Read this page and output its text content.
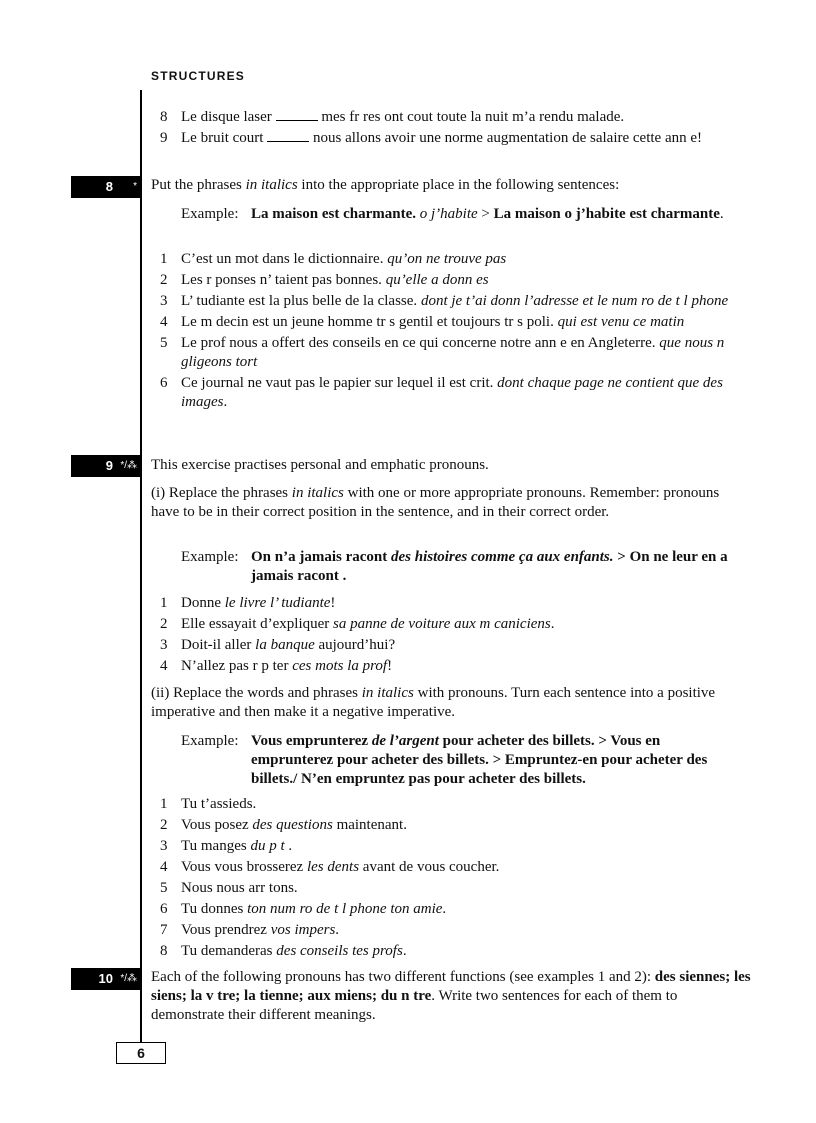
STRUCTURES
8 Le disque laser	mes fr res ont cout toute la nuit m’a rendu malade.
9 Le bruit court	nous allons avoir une norme augmentation de salaire cette ann e!
8 * Put the phrases in italics into the appropriate place in the following sentences:

Example: La maison est charmante. o j’habite > La maison o j’habite est charmante.
1 C’est un mot dans le dictionnaire. qu’on ne trouve pas
2 Les r ponses n’ taient pas bonnes. qu’elle a donn es
3 L’ tudiante est la plus belle de la classe. dont je t’ai donn l’adresse et le num ro de t l phone
4 Le m decin est un jeune homme tr s gentil et toujours tr s poli. qui est venu ce matin
5 Le prof nous a offert des conseils en ce qui concerne notre ann e en Angleterre. que nous n gligeons tort
6 Ce journal ne vaut pas le papier sur lequel il est crit. dont chaque page ne contient que des images.
9 */⁂ This exercise practises personal and emphatic pronouns.

(i) Replace the phrases in italics with one or more appropriate pronouns. Remember: pronouns have to be in their correct position in the sentence, and in their correct order.

Example: On n’a jamais racont des histoires comme ça aux enfants. > On ne leur en a jamais racont .
1 Donne le livre l’ tudiante!
2 Elle essayait d’expliquer sa panne de voiture aux m caniciens.
3 Doit-il aller la banque aujourd’hui?
4 N’allez pas r p ter ces mots la prof!

(ii) Replace the words and phrases in italics with pronouns. Turn each sentence into a positive imperative and then make it a negative imperative.

Example: Vous emprunterez de l’argent pour acheter des billets. > Vous en emprunterez pour acheter des billets. > Empruntez-en pour acheter des billets./ N’en empruntez pas pour acheter des billets.
1 Tu t’assieds.
2 Vous posez des questions maintenant.
3 Tu manges du p t .
4 Vous vous brosserez les dents avant de vous coucher.
5 Nous nous arr tons.
6 Tu donnes ton num ro de t l phone ton amie.
7 Vous prendrez vos impers.
8 Tu demanderas des conseils tes profs.
10 */⁂ Each of the following pronouns has two different functions (see examples 1 and 2): des siennes; les siens; la v tre; la tienne; aux miens; du n tre. Write two sentences for each of them to demonstrate their different meanings.

6
